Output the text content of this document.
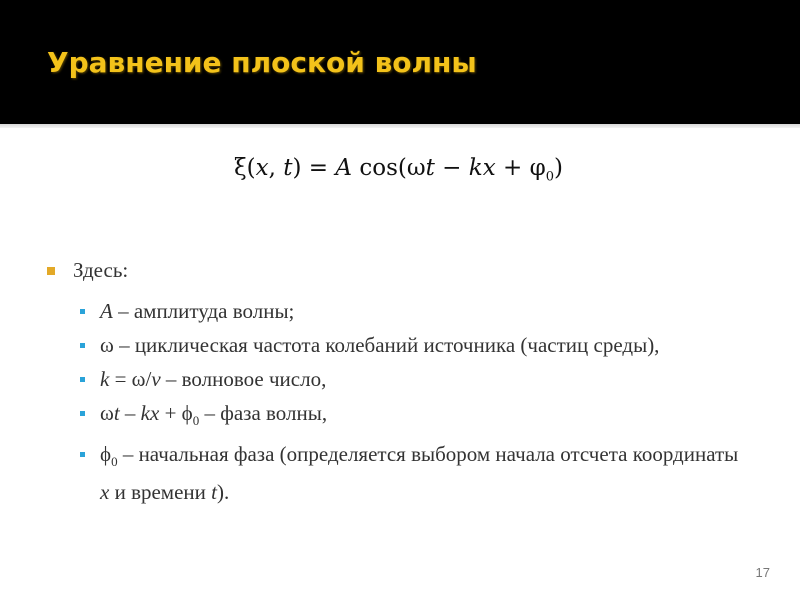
Уравнение плоской волны
ξ(x, t) = A cos(ωt − kx + $\varphi_0$)
Здесь:
A – амплитуда волны;
ω – циклическая частота колебаний источника (частиц среды),
k = ω/v – волновое число,
ωt – kx + $\phi_0$ – фаза волны,
$\phi_0$ – начальная фаза (определяется выбором начала отсчета координаты x и времени t).
17
